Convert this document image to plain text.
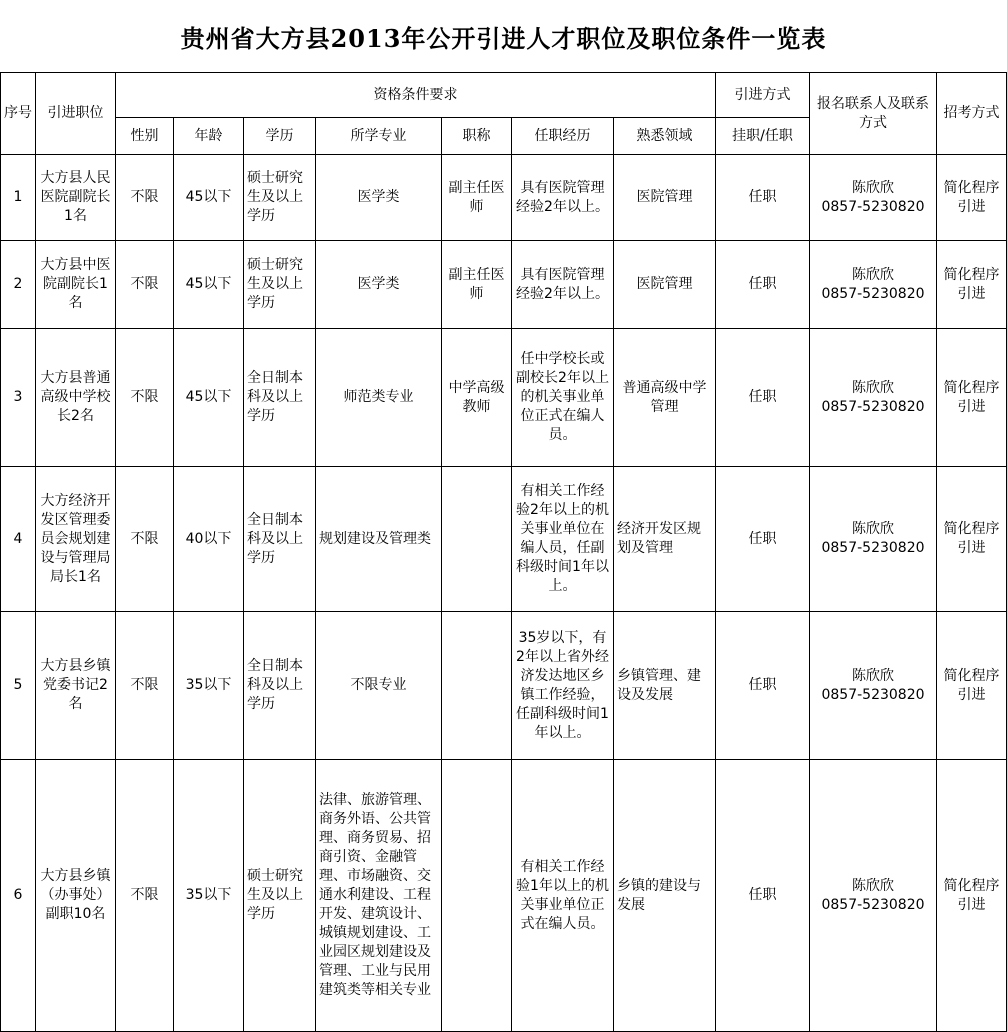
贵州省大方县2013年公开引进人才职位及职位条件一览表
序号	引进职位	资格条件要求							引进方式	报名联系人及联系方式	招考方式
		性别	年龄	学历	所学专业	职称	任职经历	熟悉领域	挂职/任职		
1	大方县人民医院副院长1名	不限	45以下	硕士研究生及以上学历	医学类	副主任医师	具有医院管理经验2年以上。	医院管理	任职	陈欣欣
0857-5230820	简化程序引进
2	大方县中医院副院长1名	不限	45以下	硕士研究生及以上学历	医学类	副主任医师	具有医院管理经验2年以上。	医院管理	任职	陈欣欣
0857-5230820	简化程序引进
3	大方县普通高级中学校长2名	不限	45以下	全日制本科及以上学历	师范类专业	中学高级教师	任中学校长或副校长2年以上的机关事业单位正式在编人员。	普通高级中学管理	任职	陈欣欣
0857-5230820	简化程序引进
4	大方经济开发区管理委员会规划建设与管理局局长1名	不限	40以下	全日制本科及以上学历	规划建设及管理类		有相关工作经验2年以上的机关事业单位在编人员，任副科级时间1年以上。	经济开发区规划及管理	任职	陈欣欣
0857-5230820	简化程序引进
5	大方县乡镇党委书记2名	不限	35以下	全日制本科及以上学历	不限专业		35岁以下，有2年以上省外经济发达地区乡镇工作经验，任副科级时间1年以上。	乡镇管理、建设及发展	任职	陈欣欣
0857-5230820	简化程序引进
6	大方县乡镇（办事处）副职10名	不限	35以下	硕士研究生及以上学历	法律、旅游管理、商务外语、公共管理、商务贸易、招商引资、金融管理、市场融资、交通水利建设、工程开发、建筑设计、城镇规划建设、工业园区规划建设及管理、工业与民用建筑类等相关专业		有相关工作经验1年以上的机关事业单位正式在编人员。	乡镇的建设与发展	任职	陈欣欣
0857-5230820	简化程序引进
